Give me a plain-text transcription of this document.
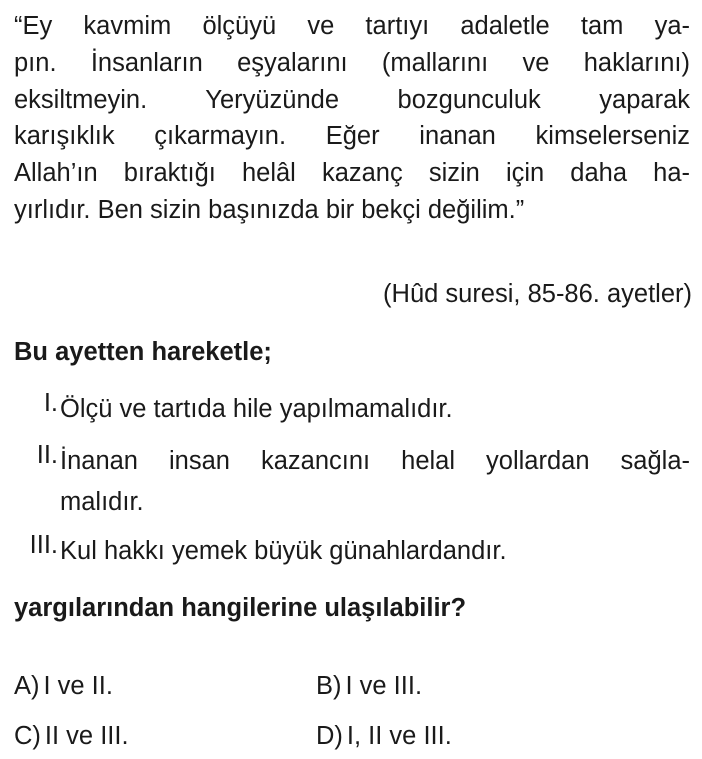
“Ey kavmim ölçüyü ve tartıyı adaletle tam ya-
pın. İnsanların eşyalarını (mallarını ve haklarını)
eksiltmeyin. Yeryüzünde bozgunculuk yaparak
karışıklık çıkarmayın. Eğer inanan kimselerseniz
Allah’ın bıraktığı helâl kazanç sizin için daha ha-
yırlıdır. Ben sizin başınızda bir bekçi değilim.”
(Hûd suresi, 85-86. ayetler)
Bu ayetten hareketle;
I. Ölçü ve tartıda hile yapılmamalıdır.
II. İnanan insan kazancını helal yollardan sağla-
malıdır.
III. Kul hakkı yemek büyük günahlardandır.
yargılarından hangilerine ulaşılabilir?
A) I ve II.	B) I ve III.
C) II ve III.	D) I, II ve III.
